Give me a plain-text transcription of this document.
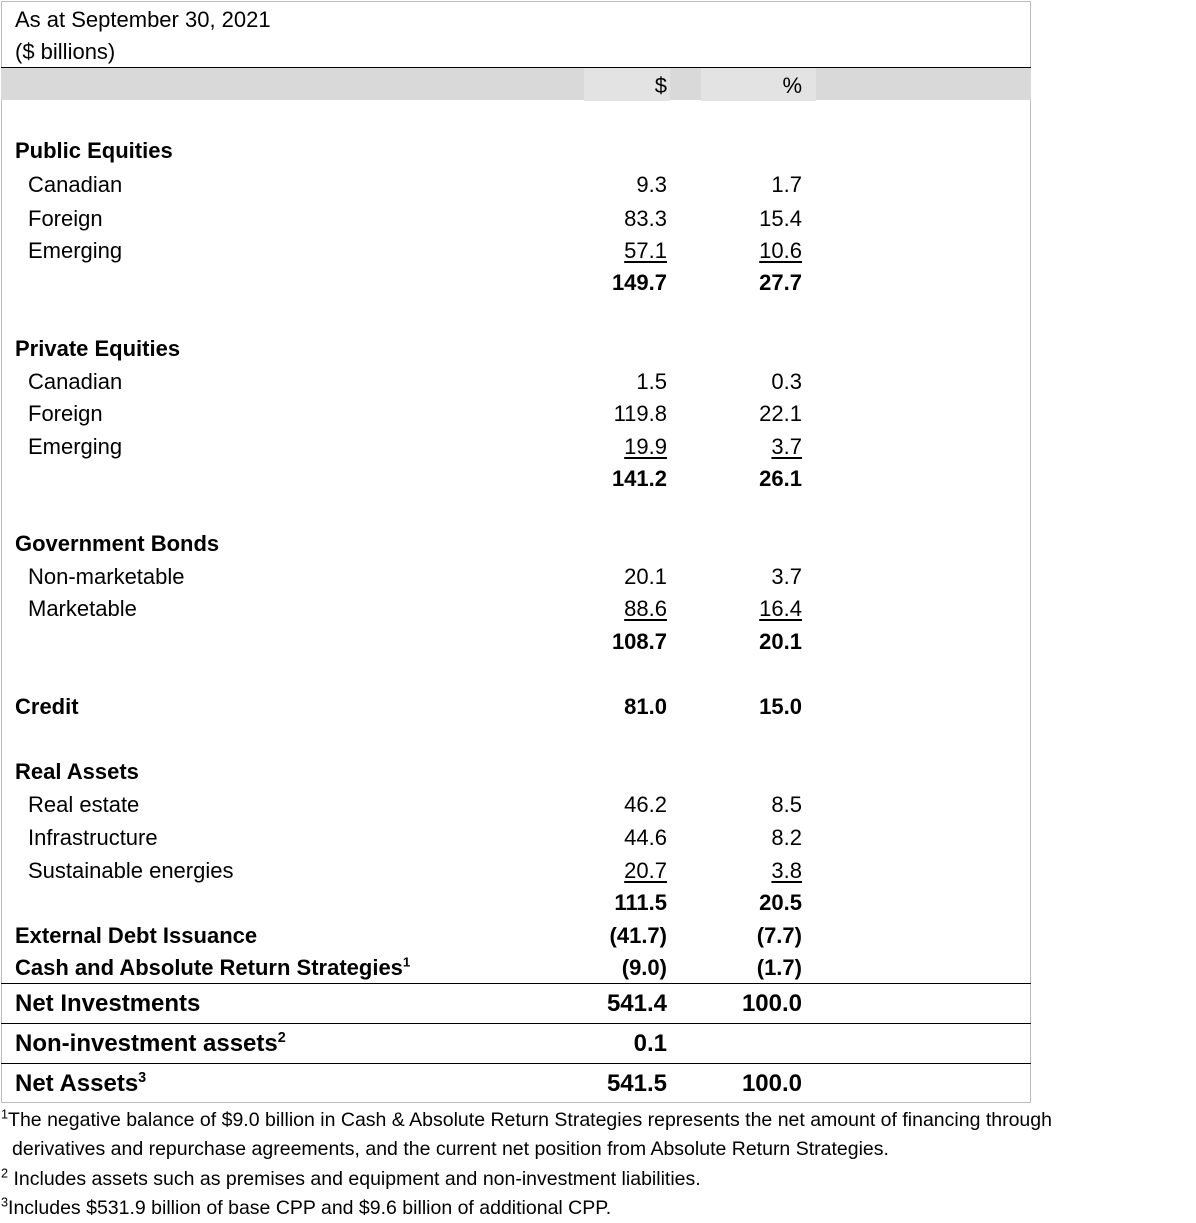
As at September 30, 2021
($ billions)
$	%
Public Equities
Canadian	9.3	1.7
Foreign	83.3	15.4
Emerging	57.1	10.6
149.7	27.7
Private Equities
Canadian	1.5	0.3
Foreign	119.8	22.1
Emerging	19.9	3.7
141.2	26.1
Government Bonds
Non-marketable	20.1	3.7
Marketable	88.6	16.4
108.7	20.1
Credit	81.0	15.0
Real Assets
Real estate	46.2	8.5
Infrastructure	44.6	8.2
Sustainable energies	20.7	3.8
111.5	20.5
External Debt Issuance	(41.7)	(7.7)
Cash and Absolute Return Strategies$^1$	(9.0)	(1.7)
Net Investments	541.4	100.0
Non-investment assets$^2$	0.1
Net Assets$^3$	541.5	100.0
$^1$The negative balance of $9.0 billion in Cash & Absolute Return Strategies represents the net amount of financing through
derivatives and repurchase agreements, and the current net position from Absolute Return Strategies.
$^2$ Includes assets such as premises and equipment and non-investment liabilities.
$^3$Includes $531.9 billion of base CPP and $9.6 billion of additional CPP.
